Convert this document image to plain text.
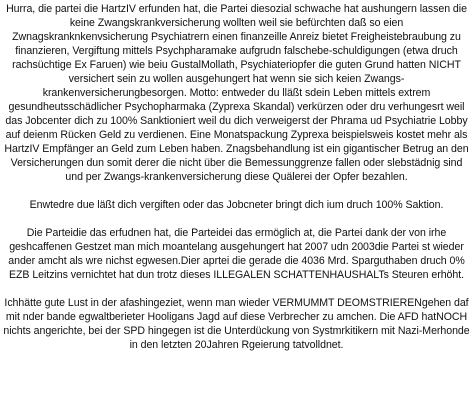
Hurra, die partei die HartzIV erfunden hat, die Partei diesozial schwache hat aushungern lassen die keine Zwangskrankversicherung wollten weil sie befürchten daß so eien Zwnagskranknkenvsicherung Psychiatrern einen finanzeille Anreiz bietet Freigheistebraubung zu finanzieren, Vergiftung mittels Psychpharamake aufgrudn falschebe-schuldigungen (etwa druch rachsüchtige Ex Faruen) wie beiu GustalMollath, Psychiateriopfer die guten Grund hatten NICHT versichert sein zu wollen ausgehungert hat wenn sie sich keien Zwangs-krankenversicherungbesorgen. Motto: entweder du lläßt sdein Leben mittels extrem gesundheutsschädlicher Psychopharmaka (Zyprexa Skandal) verkürzen oder dru verhungesrt weil das Jobcenter dich zu 100% Sanktioniert weil du dich verweigerst der Phrama ud Psychiatrie Lobby auf deienm Rücken Geld zu verdienen. Eine Monatspackung Zyprexa beispielsweis kostet mehr als HartzIV Empfänger an Geld zum Leben haben. Znagsbehandlung ist ein gigantischer Betrug an den Versicherungen dun somit derer die nicht über die Bemessunggrenze fallen oder slebstädnig sind und per Zwangs-krankenversicherung diese Quälerei der Opfer bezahlen.

Enwtedre due läßt dich vergiften oder das Jobcneter bringt dich ium druch 100% Saktion.

Die Parteidie das erfudnen hat, die Parteidei das ermöglich at, die Partei dank der von irhe geshcaffenen Gestzet man mich moantelang ausgehungert hat 2007 udn 2003die Partei st wieder ander amcht als wre nichst egwesen.Dier aprtei die gerade die 4036 Mrd. Sparguthaben druch 0% EZB Leitzins vernichtet hat dun trotz dieses ILLEGALEN SCHATTENHAUSHALTs Steuren erhöht.

Ichhätte gute Lust in der afashingeziet, wenn man wieder VERMUMMT DEOMSTRIERENgehen daf mit nder bande egwaltberieter Hooligans Jagd auf diese Verbrecher zu amchen. Die AFD hatNOCH nichts angerichte, bei der SPD hingegen ist die Unterdückung von Systmrkitikern mit Nazi-Merhonde in den letzten 20Jahren Rgeierung tatvolldnet.
